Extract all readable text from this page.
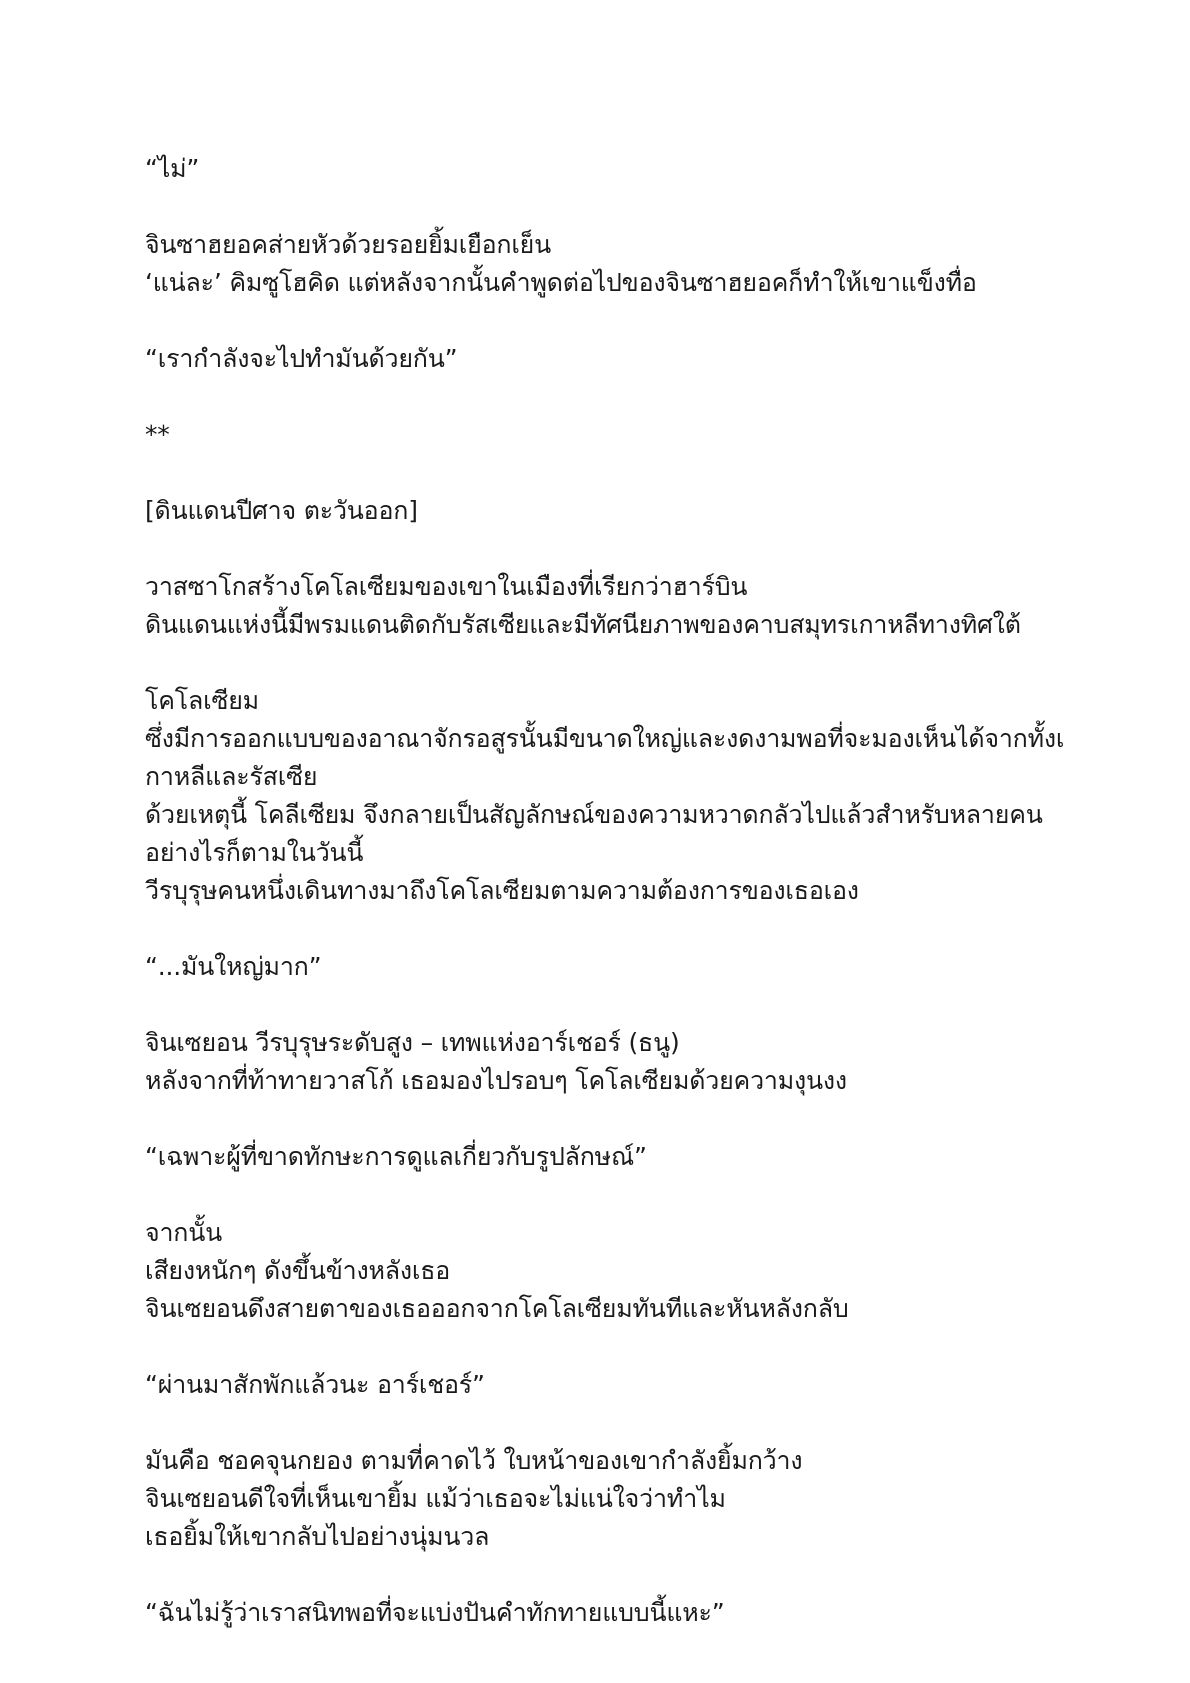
“ไม่”
จินซาฮยอคส่ายหัวด้วยรอยยิ้มเยือกเย็น
‘แน่ละ’ คิมซูโฮคิด แต่หลังจากนั้นคำพูดต่อไปของจินซาฮยอคก็ทำให้เขาแข็งทื่อ
“เรากำลังจะไปทำมันด้วยกัน”
**
[ดินแดนปีศาจ ตะวันออก]
วาสซาโกสร้างโคโลเซียมของเขาในเมืองที่เรียกว่าฮาร์บิน
ดินแดนแห่งนี้มีพรมแดนติดกับรัสเซียและมีทัศนียภาพของคาบสมุทรเกาหลีทางทิศใต้
โคโลเซียม
ซึ่งมีการออกแบบของอาณาจักรอสูรนั้นมีขนาดใหญ่และงดงามพอที่จะมองเห็นได้จากทั้งเ
กาหลีและรัสเซีย
ด้วยเหตุนี้ โคลีเซียม จึงกลายเป็นสัญลักษณ์ของความหวาดกลัวไปแล้วสำหรับหลายคน
อย่างไรก็ตามในวันนี้
วีรบุรุษคนหนึ่งเดินทางมาถึงโคโลเซียมตามความต้องการของเธอเอง
“...มันใหญ่มาก”
จินเซยอน วีรบุรุษระดับสูง – เทพแห่งอาร์เชอร์ (ธนู)
หลังจากที่ท้าทายวาสโก้ เธอมองไปรอบๆ โคโลเซียมด้วยความงุนงง
“เฉพาะผู้ที่ขาดทักษะการดูแลเกี่ยวกับรูปลักษณ์”
จากนั้น
เสียงหนักๆ ดังขึ้นข้างหลังเธอ
จินเซยอนดึงสายตาของเธอออกจากโคโลเซียมทันทีและหันหลังกลับ
“ผ่านมาสักพักแล้วนะ อาร์เชอร์”
มันคือ ชอคจุนกยอง ตามที่คาดไว้ ใบหน้าของเขากำลังยิ้มกว้าง
จินเซยอนดีใจที่เห็นเขายิ้ม แม้ว่าเธอจะไม่แน่ใจว่าทำไม
เธอยิ้มให้เขากลับไปอย่างนุ่มนวล
“ฉันไม่รู้ว่าเราสนิทพอที่จะแบ่งปันคำทักทายแบบนี้แหะ”
